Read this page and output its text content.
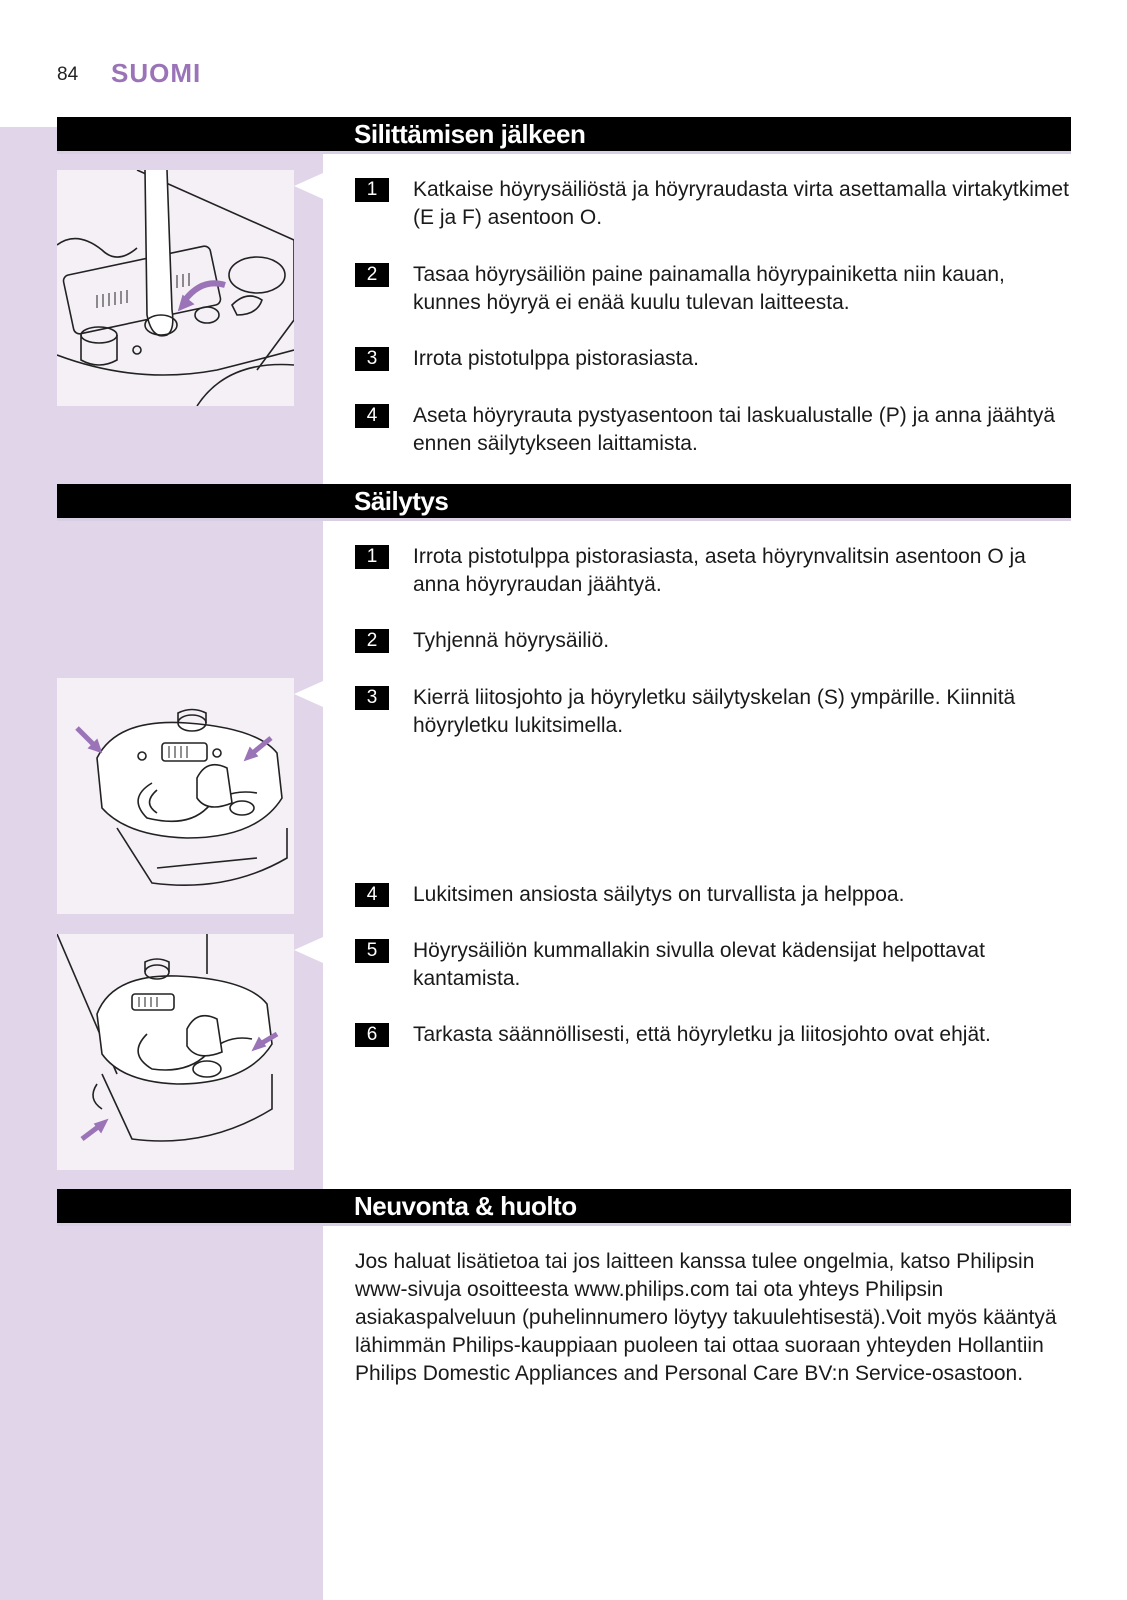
84 SUOMI
Silittämisen jälkeen
1	Katkaise höyrysäiliöstä ja höyryraudasta virta asettamalla virtakytkimet (E ja F) asentoon O.
2	Tasaa höyrysäiliön paine painamalla höyrypainiketta niin kauan, kunnes höyryä ei enää kuulu tulevan laitteesta.
3	Irrota pistotulppa pistorasiasta.
4	Aseta höyryrauta pystyasentoon tai laskualustalle (P) ja anna jäähtyä ennen säilytykseen laittamista.
Säilytys
1	Irrota pistotulppa pistorasiasta, aseta höyrynvalitsin asentoon O ja anna höyryraudan jäähtyä.
2	Tyhjennä höyrysäiliö.
3	Kierrä liitosjohto ja höyryletku säilytyskelan (S) ympärille. Kiinnitä höyryletku lukitsimella.
4	Lukitsimen ansiosta säilytys on turvallista ja helppoa.
5	Höyrysäiliön kummallakin sivulla olevat kädensijat helpottavat kantamista.
6	Tarkasta säännöllisesti, että höyryletku ja liitosjohto ovat ehjät.
Neuvonta & huolto
Jos haluat lisätietoa tai jos laitteen kanssa tulee ongelmia, katso Philipsin www-sivuja osoitteesta www.philips.com tai ota yhteys Philipsin asiakaspalveluun (puhelinnumero löytyy takuulehtisestä).Voit myös kääntyä lähimmän Philips-kauppiaan puoleen tai ottaa suoraan yhteyden Hollantiin Philips Domestic Appliances and Personal Care BV:n Service-osastoon.
